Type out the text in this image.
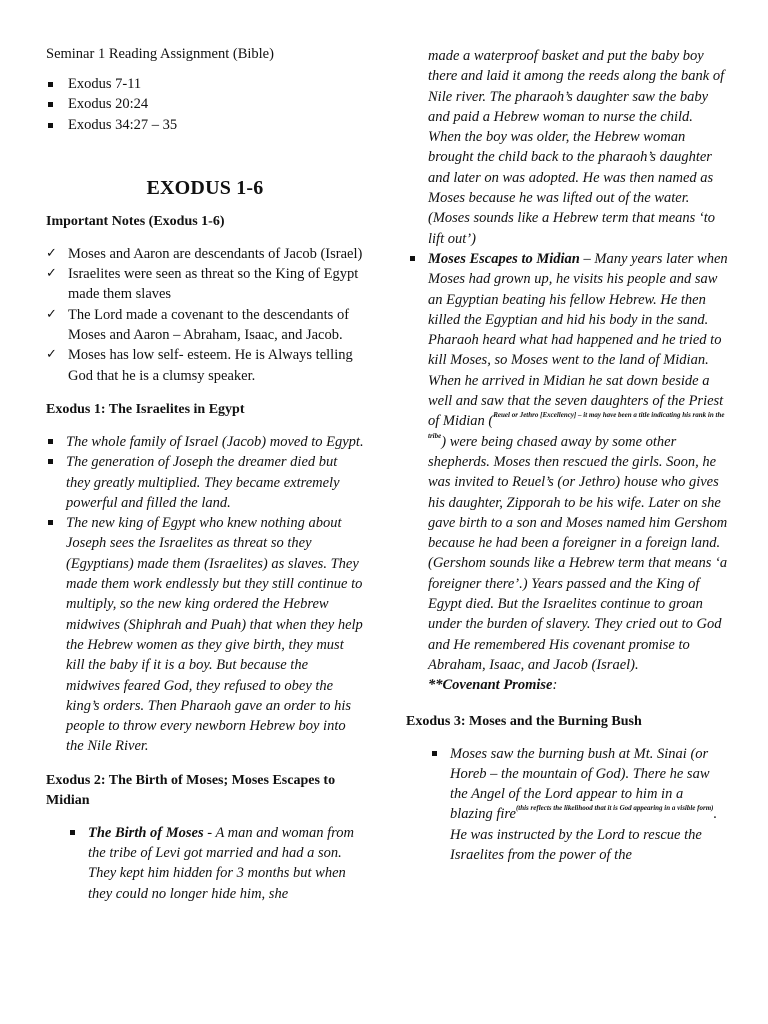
Seminar 1 Reading Assignment (Bible)
Exodus 7-11
Exodus 20:24
Exodus 34:27 – 35
EXODUS 1-6
Important Notes (Exodus 1-6)
✓ Moses and Aaron are descendants of Jacob (Israel)
✓ Israelites were seen as threat so the King of Egypt made them slaves
✓ The Lord made a covenant to the descendants of Moses and Aaron – Abraham, Isaac, and Jacob.
✓ Moses has low self- esteem. He is Always telling God that he is a clumsy speaker.
Exodus 1: The Israelites in Egypt
The whole family of Israel (Jacob) moved to Egypt.
The generation of Joseph the dreamer died but they greatly multiplied. They became extremely powerful and filled the land.
The new king of Egypt who knew nothing about Joseph sees the Israelites as threat so they (Egyptians) made them (Israelites) as slaves. They made them work endlessly but they still continue to multiply, so the new king ordered the Hebrew midwives (Shiphrah and Puah) that when they help the Hebrew women as they give birth, they must kill the baby if it is a boy. But because the midwives feared God, they refused to obey the king’s orders. Then Pharaoh gave an order to his people to throw every newborn Hebrew boy into the Nile River.
Exodus 2: The Birth of Moses; Moses Escapes to Midian
The Birth of Moses - A man and woman from the tribe of Levi got married and had a son. They kept him hidden for 3 months but when they could no longer hide him, she
made a waterproof basket and put the baby boy there and laid it among the reeds along the bank of Nile river. The pharaoh’s daughter saw the baby and paid a Hebrew woman to nurse the child. When the boy was older, the Hebrew woman brought the child back to the pharaoh’s daughter and later on was adopted. He was then named as Moses because he was lifted out of the water. (Moses sounds like a Hebrew term that means ‘to lift out’)
Moses Escapes to Midian – Many years later when Moses had grown up, he visits his people and saw an Egyptian beating his fellow Hebrew. He then killed the Egyptian and hid his body in the sand. Pharaoh heard what had happened and he tried to kill Moses, so Moses went to the land of Midian. When he arrived in Midian he sat down beside a well and saw that the seven daughters of the Priest of Midian ($^{Reuel or Jethro [Excellency] - it may have been a title indicating his rank in the tribe}$) were being chased away by some other shepherds. Moses then rescued the girls. Soon, he was invited to Reuel’s (or Jethro) house who gives his daughter, Zipporah to be his wife. Later on she gave birth to a son and Moses named him Gershom because he had been a foreigner in a foreign land. (Gershom sounds like a Hebrew term that means ‘a foreigner there’.) Years passed and the King of Egypt died. But the Israelites continue to groan under the burden of slavery. They cried out to God and He remembered His covenant promise to Abraham, Isaac, and Jacob (Israel).
**Covenant Promise:
Exodus 3: Moses and the Burning Bush
Moses saw the burning bush at Mt. Sinai (or Horeb – the mountain of God). There he saw the Angel of the Lord appear to him in a blazing fire$^{(this reflects the likelihood that it is God appearing in a visible form)}$. He was instructed by the Lord to rescue the Israelites from the power of the
